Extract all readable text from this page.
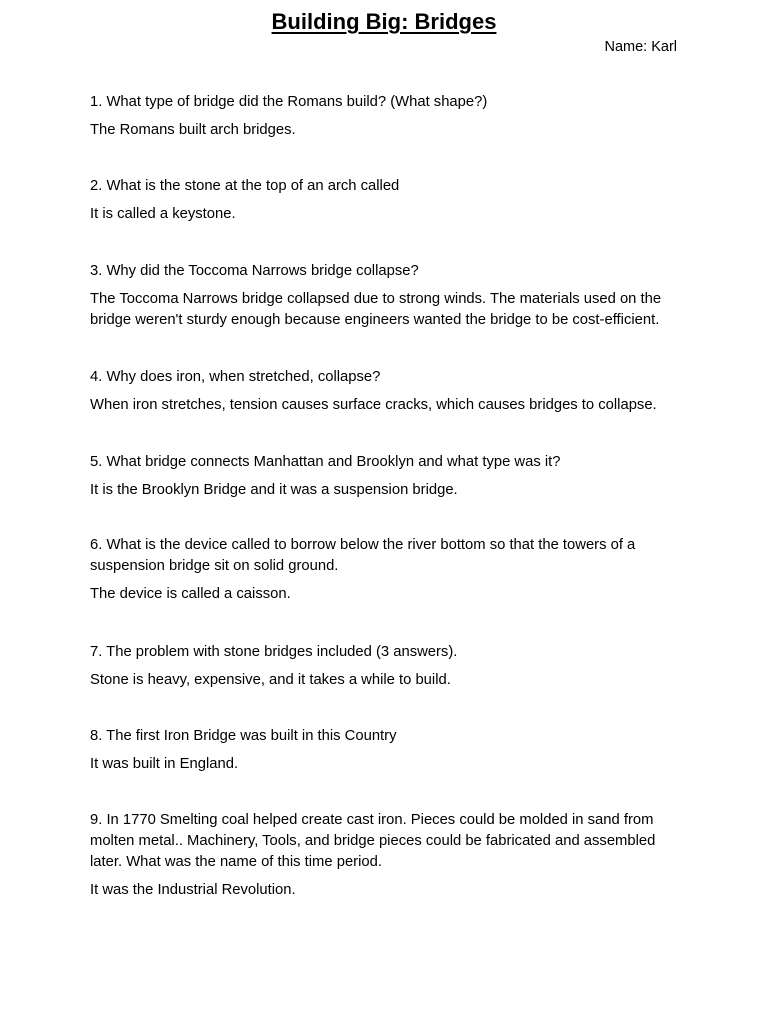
Building Big: Bridges
Name: Karl

1. What type of bridge did the Romans build? (What shape?)

The Romans built arch bridges.

2. What is the stone at the top of an arch called

It is called a keystone.

3. Why did the Toccoma Narrows bridge collapse?

The Toccoma Narrows bridge collapsed due to strong winds. The materials used on the bridge weren't sturdy enough because engineers wanted the bridge to be cost-efficient.

4. Why does iron, when stretched, collapse?

When iron stretches, tension causes surface cracks, which causes bridges to collapse.

5. What bridge connects Manhattan and Brooklyn and what type was it?

It is the Brooklyn Bridge and it was a suspension bridge.

6. What is the device called to borrow below the river bottom so that the towers of a suspension bridge sit on solid ground.

The device is called a caisson.

7. The problem with stone bridges included (3 answers).

Stone is heavy, expensive, and it takes a while to build.

8. The first Iron Bridge was built in this Country

It was built in England.

9. In 1770 Smelting coal helped create cast iron. Pieces could be molded in sand from molten metal.. Machinery, Tools, and bridge pieces could be fabricated and assembled later. What was the name of this time period.

It was the Industrial Revolution.
